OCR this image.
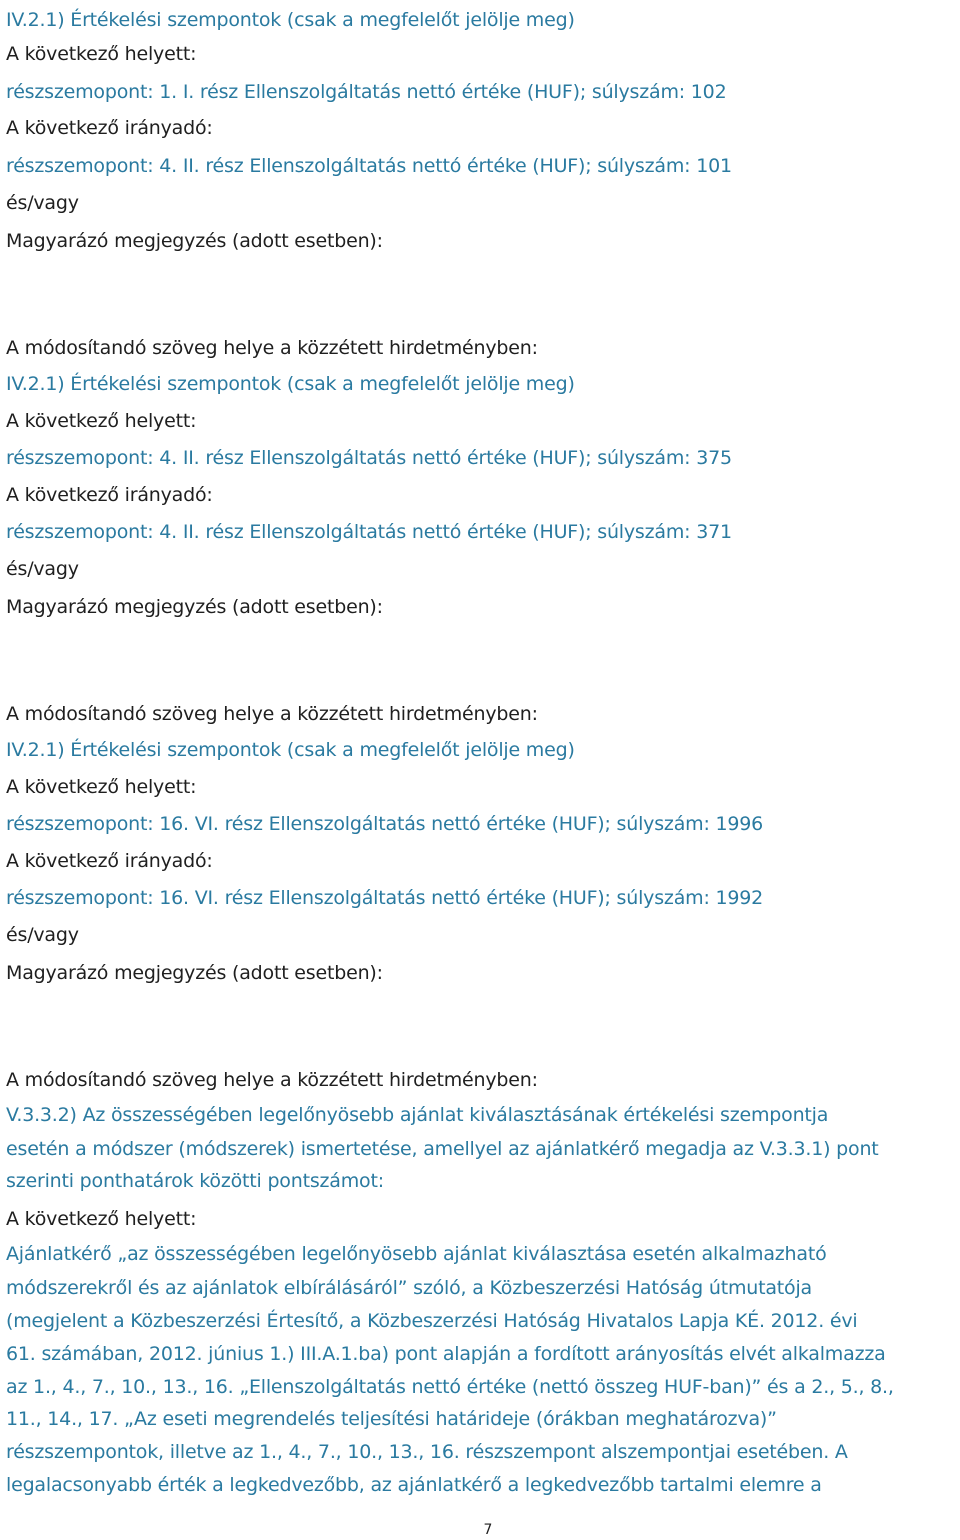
IV.2.1) Értékelési szempontok (csak a megfelelőt jelölje meg)
A következő helyett:
részszemopont: 1. I. rész Ellenszolgáltatás nettó értéke (HUF); súlyszám: 102
A következő irányadó:
részszemopont: 4. II. rész Ellenszolgáltatás nettó értéke (HUF); súlyszám: 101
és/vagy
Magyarázó megjegyzés (adott esetben):
A módosítandó szöveg helye a közzétett hirdetményben:
IV.2.1) Értékelési szempontok (csak a megfelelőt jelölje meg)
A következő helyett:
részszemopont: 4. II. rész Ellenszolgáltatás nettó értéke (HUF); súlyszám: 375
A következő irányadó:
részszemopont: 4. II. rész Ellenszolgáltatás nettó értéke (HUF); súlyszám: 371
és/vagy
Magyarázó megjegyzés (adott esetben):
A módosítandó szöveg helye a közzétett hirdetményben:
IV.2.1) Értékelési szempontok (csak a megfelelőt jelölje meg)
A következő helyett:
részszemopont: 16. VI. rész Ellenszolgáltatás nettó értéke (HUF); súlyszám: 1996
A következő irányadó:
részszemopont: 16. VI. rész Ellenszolgáltatás nettó értéke (HUF); súlyszám: 1992
és/vagy
Magyarázó megjegyzés (adott esetben):
A módosítandó szöveg helye a közzétett hirdetményben:
V.3.3.2) Az összességében legelőnyösebb ajánlat kiválasztásának értékelési szempontja
esetén a módszer (módszerek) ismertetése, amellyel az ajánlatkérő megadja az V.3.3.1) pont
szerinti ponthatárok közötti pontszámot:
A következő helyett:
Ajánlatkérő „az összességében legelőnyösebb ajánlat kiválasztása esetén alkalmazható
módszerekről és az ajánlatok elbírálásáról” szóló, a Közbeszerzési Hatóság útmutatója
(megjelent a Közbeszerzési Értesítő, a Közbeszerzési Hatóság Hivatalos Lapja KÉ. 2012. évi
61. számában, 2012. június 1.) III.A.1.ba) pont alapján a fordított arányosítás elvét alkalmazza
az 1., 4., 7., 10., 13., 16. „Ellenszolgáltatás nettó értéke (nettó összeg HUF-ban)” és a 2., 5., 8.,
11., 14., 17. „Az eseti megrendelés teljesítési határideje (órákban meghatározva)”
részszempontok, illetve az 1., 4., 7., 10., 13., 16. részszempont alszempontjai esetében. A
legalacsonyabb érték a legkedvezőbb, az ajánlatkérő a legkedvezőbb tartalmi elemre a
7
